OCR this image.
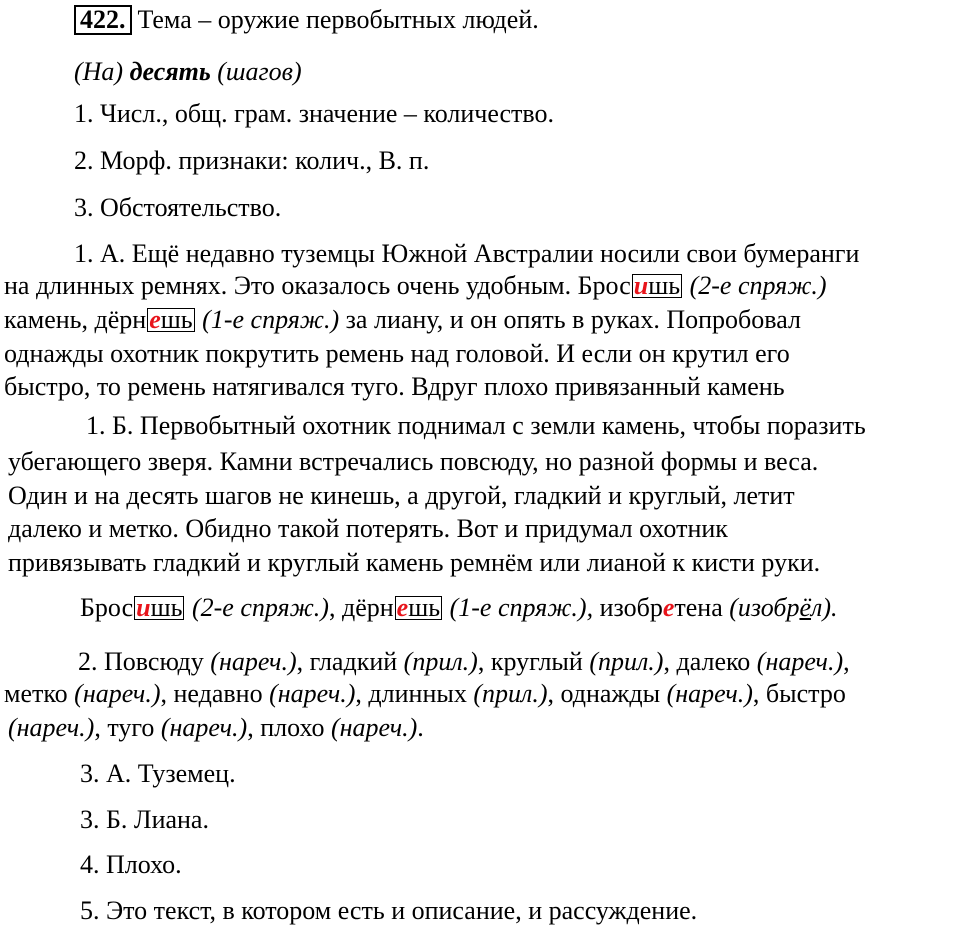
422. Тема – оружие первобытных людей.
(На) десять (шагов)
1. Числ., общ. грам. значение – количество.
2. Морф. признаки: колич., В. п.
3. Обстоятельство.
1. А. Ещё недавно туземцы Южной Австралии носили свои бумеранги
на длинных ремнях. Это оказалось очень удобным. Брос ишь (2-е спряж.)
камень, дёрн ешь (1-е спряж.) за лиану, и он опять в руках. Попробовал
однажды охотник покрутить ремень над головой. И если он крутил его
быстро, то ремень натягивался туго. Вдруг плохо привязанный камень
1. Б. Первобытный охотник поднимал с земли камень, чтобы поразить
убегающего зверя. Камни встречались повсюду, но разной формы и веса.
Один и на десять шагов не кинешь, а другой, гладкий и круглый, летит
далеко и метко. Обидно такой потерять. Вот и придумал охотник
привязывать гладкий и круглый камень ремнём или лианой к кисти руки.
Брос ишь (2-е спряж.), дёрн ешь (1-е спряж.), изобретена (изобрёл).
2. Повсюду (нареч.), гладкий (прил.), круглый (прил.), далеко (нареч.),
метко (нареч.), недавно (нареч.), длинных (прил.), однажды (нареч.), быстро
(нареч.), туго (нареч.), плохо (нареч.).
3. А. Туземец.
3. Б. Лиана.
4. Плохо.
5. Это текст, в котором есть и описание, и рассуждение.
